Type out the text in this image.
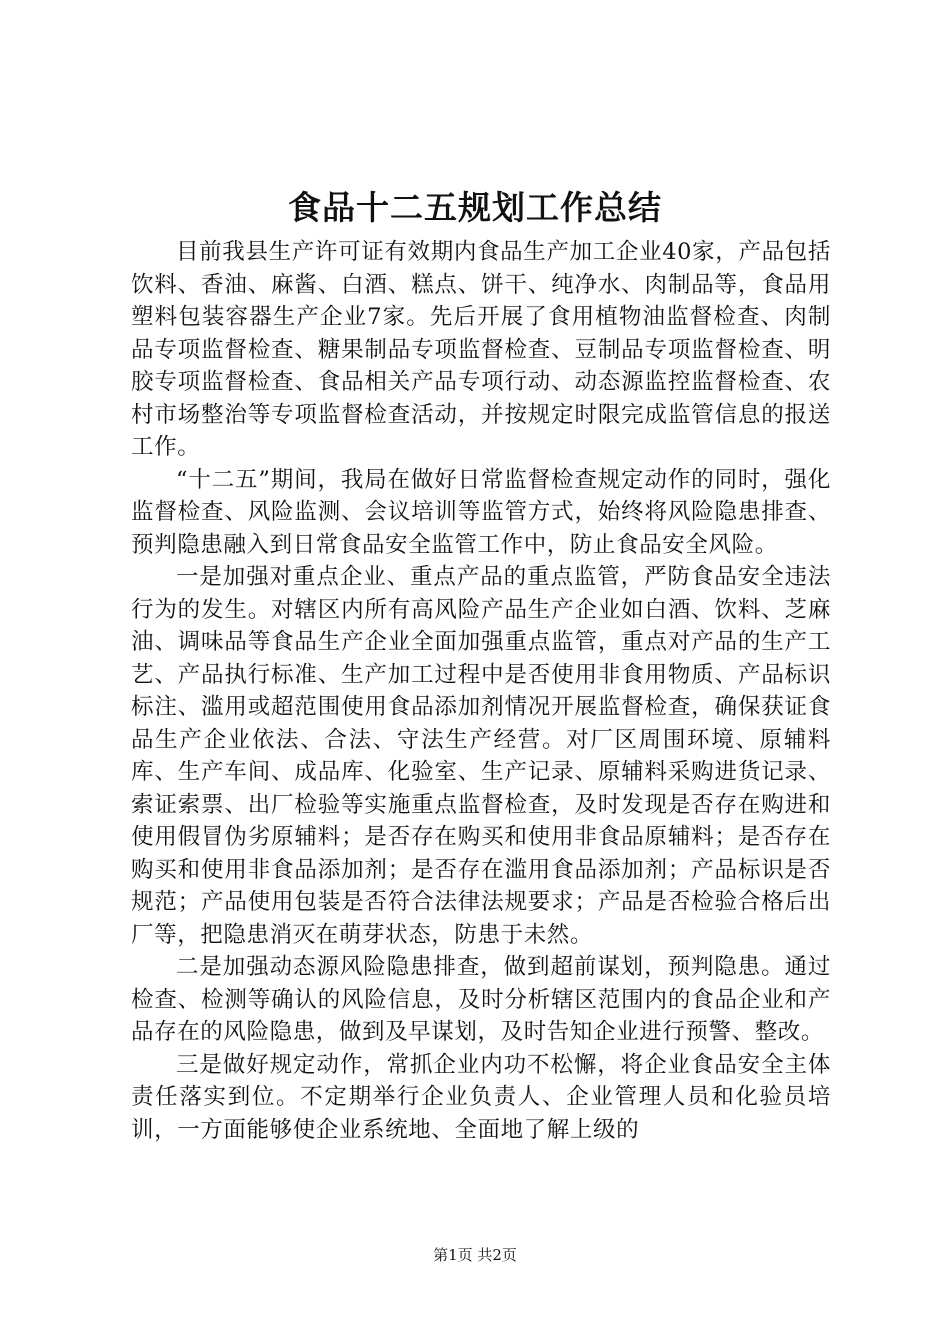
食品十二五规划工作总结

目前我县生产许可证有效期内食品生产加工企业40家，产品包括饮料、香油、麻酱、白酒、糕点、饼干、纯净水、肉制品等，食品用塑料包装容器生产企业7家。先后开展了食用植物油监督检查、肉制品专项监督检查、糖果制品专项监督检查、豆制品专项监督检查、明胶专项监督检查、食品相关产品专项行动、动态源监控监督检查、农村市场整治等专项监督检查活动，并按规定时限完成监管信息的报送工作。

“十二五”期间，我局在做好日常监督检查规定动作的同时，强化监督检查、风险监测、会议培训等监管方式，始终将风险隐患排查、预判隐患融入到日常食品安全监管工作中，防止食品安全风险。

一是加强对重点企业、重点产品的重点监管，严防食品安全违法行为的发生。对辖区内所有高风险产品生产企业如白酒、饮料、芝麻油、调味品等食品生产企业全面加强重点监管，重点对产品的生产工艺、产品执行标准、生产加工过程中是否使用非食用物质、产品标识标注、滥用或超范围使用食品添加剂情况开展监督检查，确保获证食品生产企业依法、合法、守法生产经营。对厂区周围环境、原辅料库、生产车间、成品库、化验室、生产记录、原辅料采购进货记录、索证索票、出厂检验等实施重点监督检查，及时发现是否存在购进和使用假冒伪劣原辅料；是否存在购买和使用非食品原辅料；是否存在购买和使用非食品添加剂；是否存在滥用食品添加剂；产品标识是否规范；产品使用包装是否符合法律法规要求；产品是否检验合格后出厂等，把隐患消灭在萌芽状态，防患于未然。

二是加强动态源风险隐患排查，做到超前谋划，预判隐患。通过检查、检测等确认的风险信息，及时分析辖区范围内的食品企业和产品存在的风险隐患，做到及早谋划，及时告知企业进行预警、整改。

三是做好规定动作，常抓企业内功不松懈，将企业食品安全主体责任落实到位。不定期举行企业负责人、企业管理人员和化验员培训，一方面能够使企业系统地、全面地了解上级的

第1页 共2页
